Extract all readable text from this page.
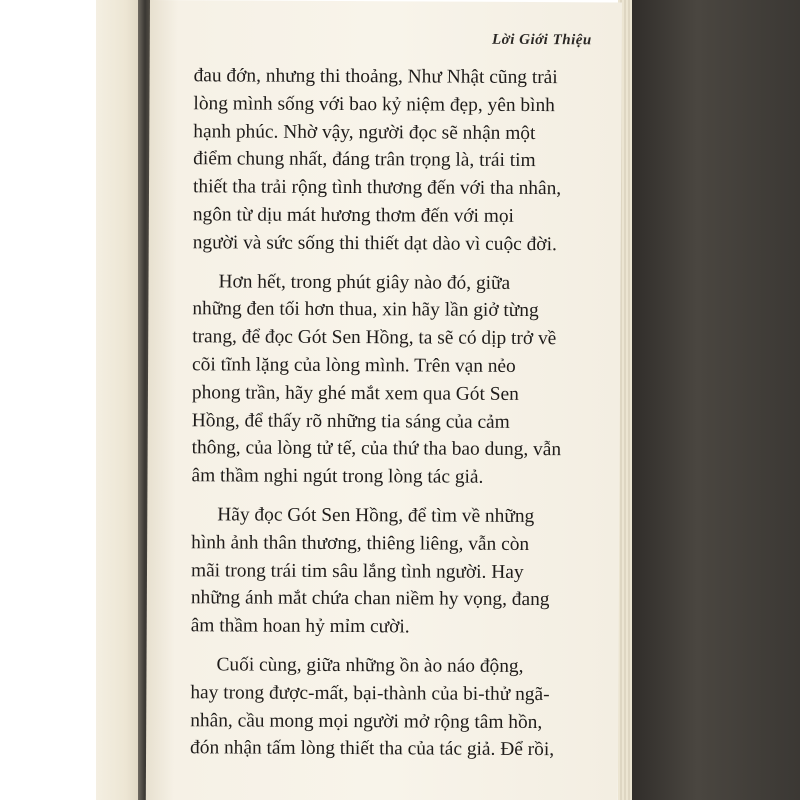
Lời Giới Thiệu

đau đớn, nhưng thi thoảng, Như Nhật cũng trải
lòng mình sống với bao kỷ niệm đẹp, yên bình
hạnh phúc. Nhờ vậy, người đọc sẽ nhận một
điểm chung nhất, đáng trân trọng là, trái tim
thiết tha trải rộng tình thương đến với tha nhân,
ngôn từ dịu mát hương thơm đến với mọi
người và sức sống thi thiết dạt dào vì cuộc đời.

Hơn hết, trong phút giây nào đó, giữa
những đen tối hơn thua, xin hãy lần giở từng
trang, để đọc Gót Sen Hồng, ta sẽ có dịp trở về
cõi tĩnh lặng của lòng mình. Trên vạn nẻo
phong trần, hãy ghé mắt xem qua Gót Sen
Hồng, để thấy rõ những tia sáng của cảm
thông, của lòng tử tế, của thứ tha bao dung, vẫn
âm thầm nghi ngút trong lòng tác giả.

Hãy đọc Gót Sen Hồng, để tìm về những
hình ảnh thân thương, thiêng liêng, vẫn còn
mãi trong trái tim sâu lắng tình người. Hay
những ánh mắt chứa chan niềm hy vọng, đang
âm thầm hoan hỷ mỉm cười.

Cuối cùng, giữa những ồn ào náo động,
hay trong được-mất, bại-thành của bi-thử ngã-
nhân, cầu mong mọi người mở rộng tâm hồn,
đón nhận tấm lòng thiết tha của tác giả. Để rồi,
